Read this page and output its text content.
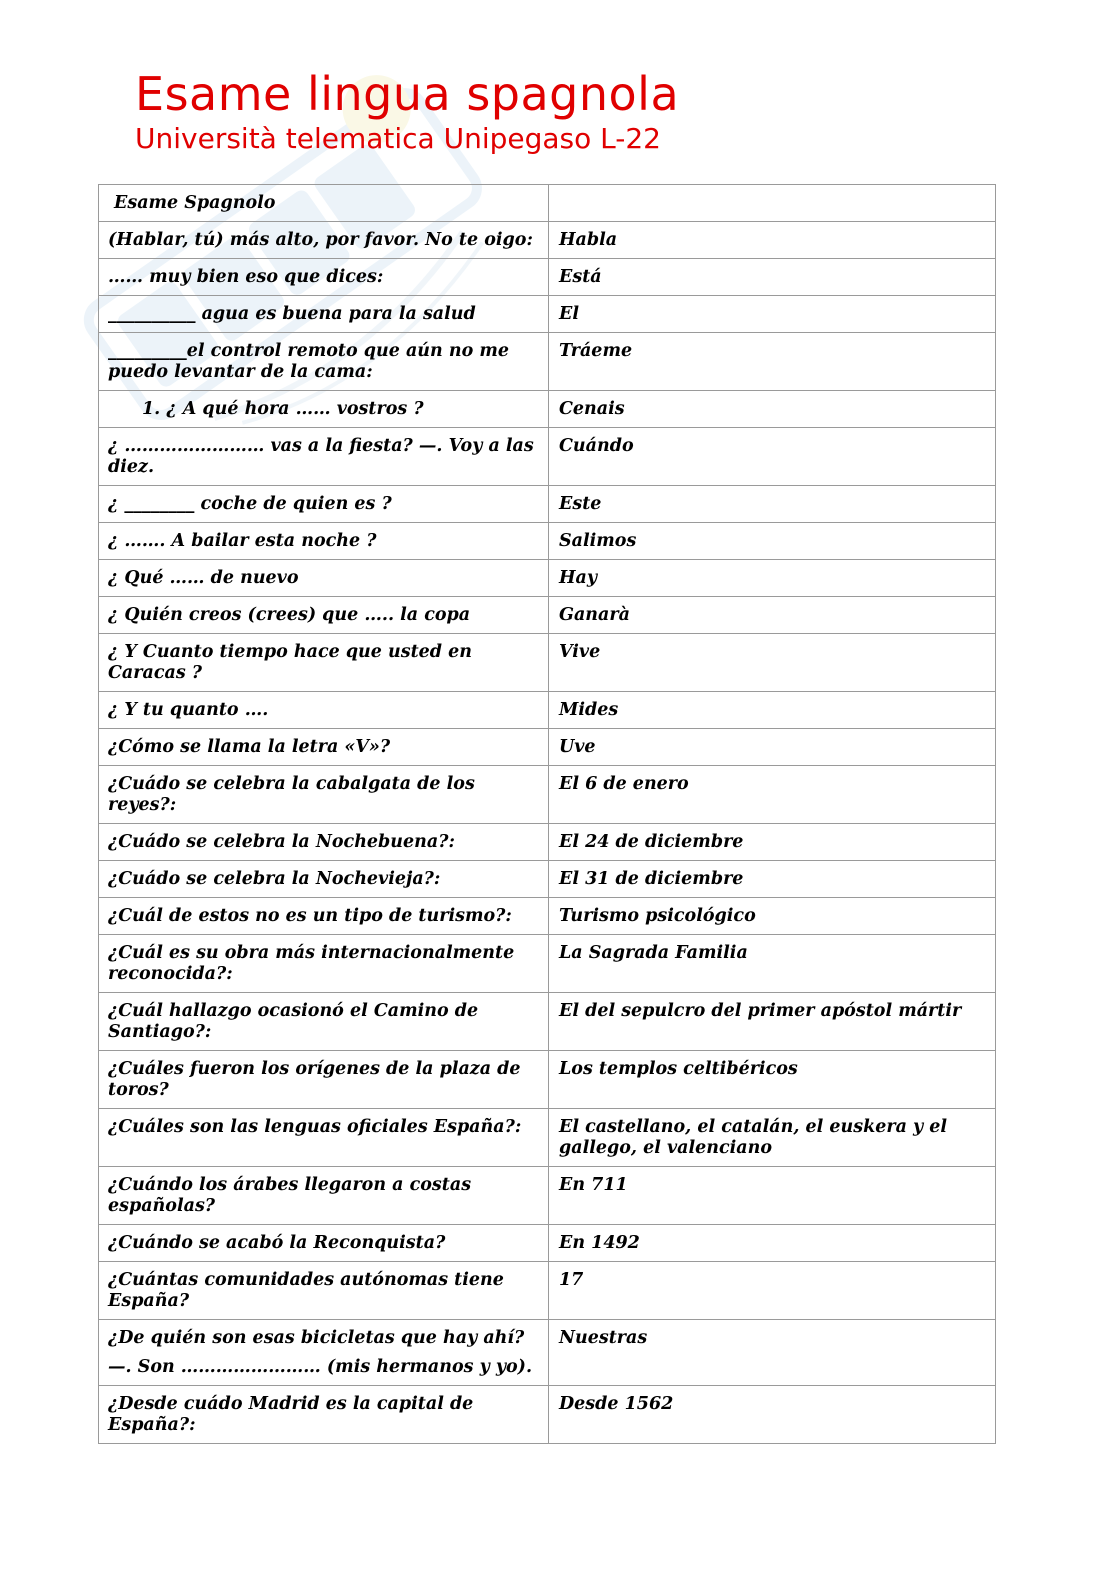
Esame lingua spagnola
Università telematica Unipegaso L-22
Esame Spagnolo	
(Hablar, tú) más alto, por favor. No te oigo:	Habla
…… muy bien eso que dices:	Está
__________ agua es buena para la salud	El
_________el control remoto que aún no me puedo levantar de la cama:	Tráeme
1. ¿ A qué hora …… vostros ?	Cenais
¿ …………………… vas a la fiesta? —. Voy a las diez.	Cuándo
¿ ________ coche de quien es ?	Este
¿ ……. A bailar esta noche ?	Salimos
¿ Qué …… de nuevo	Hay
¿ Quién creos (crees) que ….. la copa	Ganarà
¿ Y Cuanto tiempo hace que usted en Caracas ?	Vive
¿ Y tu quanto ….	Mides
¿Cómo se llama la letra «V»?	Uve
¿Cuádo se celebra la cabalgata de los reyes?:	El 6 de enero
¿Cuádo se celebra la Nochebuena?:	El 24 de diciembre
¿Cuádo se celebra la Nochevieja?:	El 31 de diciembre
¿Cuál de estos no es un tipo de turismo?:	Turismo psicológico
¿Cuál es su obra más internacionalmente reconocida?:	La Sagrada Familia
¿Cuál hallazgo ocasionó el Camino de Santiago?:	El del sepulcro del primer apóstol mártir
¿Cuáles fueron los orígenes de la plaza de toros?	Los templos celtibéricos
¿Cuáles son las lenguas oficiales España?:	El castellano, el catalán, el euskera y el gallego, el valenciano
¿Cuándo los árabes llegaron a costas españolas?	En 711
¿Cuándo se acabó la Reconquista?	En 1492
¿Cuántas comunidades autónomas tiene España?	17
¿De quién son esas bicicletas que hay ahí?
—. Son …………………… (mis hermanos y yo).	Nuestras
¿Desde cuádo Madrid es la capital de España?:	Desde 1562
